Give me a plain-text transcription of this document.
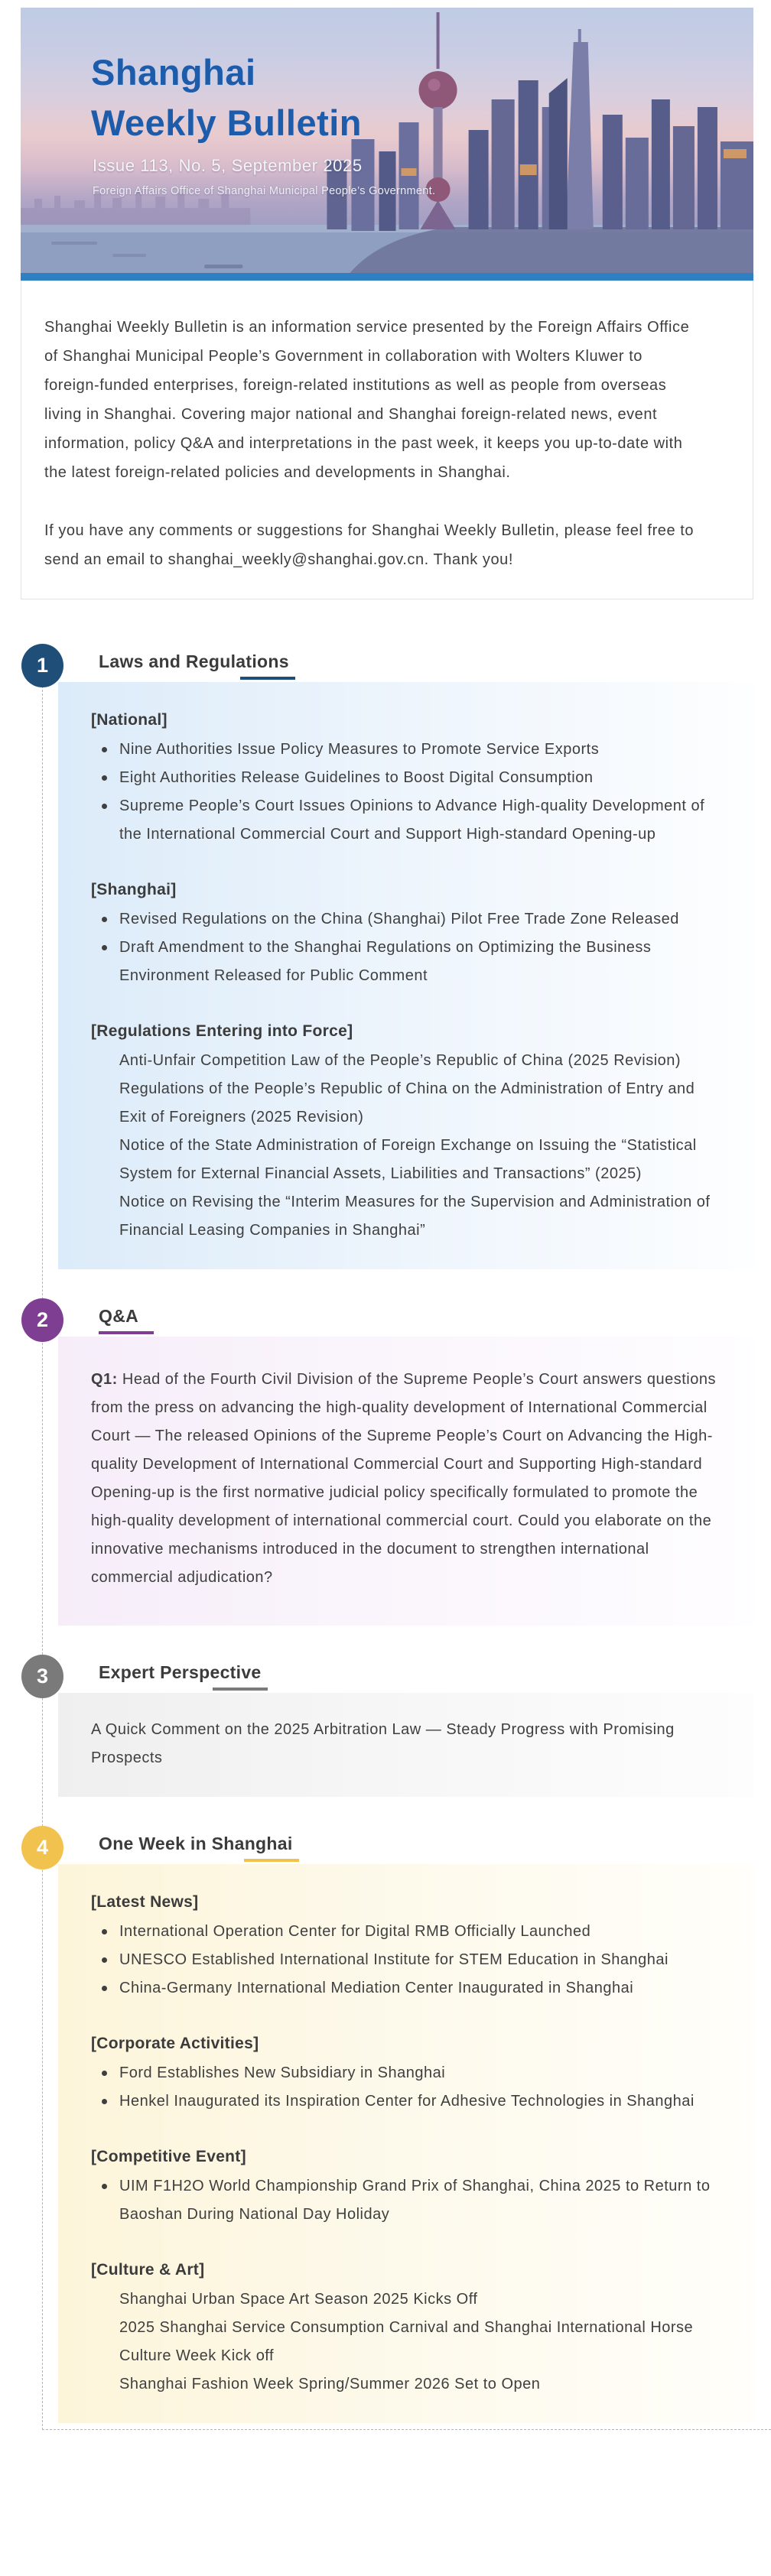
Shanghai
Weekly Bulletin
Issue 113, No. 5, September 2025
Foreign Affairs Office of Shanghai Municipal People’s Government.

Shanghai Weekly Bulletin is an information service presented by the Foreign Affairs Office of Shanghai Municipal People’s Government in collaboration with Wolters Kluwer to foreign-funded enterprises, foreign-related institutions as well as people from overseas living in Shanghai. Covering major national and Shanghai foreign-related news, event information, policy Q&A and interpretations in the past week, it keeps you up-to-date with the latest foreign-related policies and developments in Shanghai.

If you have any comments or suggestions for Shanghai Weekly Bulletin, please feel free to send an email to shanghai_weekly@shanghai.gov.cn. Thank you!

1	Laws and Regulations
[National]
Nine Authorities Issue Policy Measures to Promote Service Exports
Eight Authorities Release Guidelines to Boost Digital Consumption
Supreme People’s Court Issues Opinions to Advance High-quality Development of the International Commercial Court and Support High-standard Opening-up
[Shanghai]
Revised Regulations on the China (Shanghai) Pilot Free Trade Zone Released
Draft Amendment to the Shanghai Regulations on Optimizing the Business Environment Released for Public Comment
[Regulations Entering into Force]
Anti-Unfair Competition Law of the People’s Republic of China (2025 Revision)
Regulations of the People’s Republic of China on the Administration of Entry and Exit of Foreigners (2025 Revision)
Notice of the State Administration of Foreign Exchange on Issuing the “Statistical System for External Financial Assets, Liabilities and Transactions” (2025)
Notice on Revising the “Interim Measures for the Supervision and Administration of Financial Leasing Companies in Shanghai”
2	Q&A

Q1: Head of the Fourth Civil Division of the Supreme People’s Court answers questions from the press on advancing the high-quality development of International Commercial Court — The released Opinions of the Supreme People’s Court on Advancing the High-quality Development of International Commercial Court and Supporting High-standard Opening-up is the first normative judicial policy specifically formulated to promote the high-quality development of international commercial court. Could you elaborate on the innovative mechanisms introduced in the document to strengthen international commercial adjudication?

3	Expert Perspective

A Quick Comment on the 2025 Arbitration Law — Steady Progress with Promising Prospects

4	One Week in Shanghai
[Latest News]
International Operation Center for Digital RMB Officially Launched
UNESCO Established International Institute for STEM Education in Shanghai
China-Germany International Mediation Center Inaugurated in Shanghai
[Corporate Activities]
Ford Establishes New Subsidiary in Shanghai
Henkel Inaugurated its Inspiration Center for Adhesive Technologies in Shanghai
[Competitive Event]
UIM F1H2O World Championship Grand Prix of Shanghai, China 2025 to Return to Baoshan During National Day Holiday
[Culture & Art]
Shanghai Urban Space Art Season 2025 Kicks Off
2025 Shanghai Service Consumption Carnival and Shanghai International Horse Culture Week Kick off
Shanghai Fashion Week Spring/Summer 2026 Set to Open
